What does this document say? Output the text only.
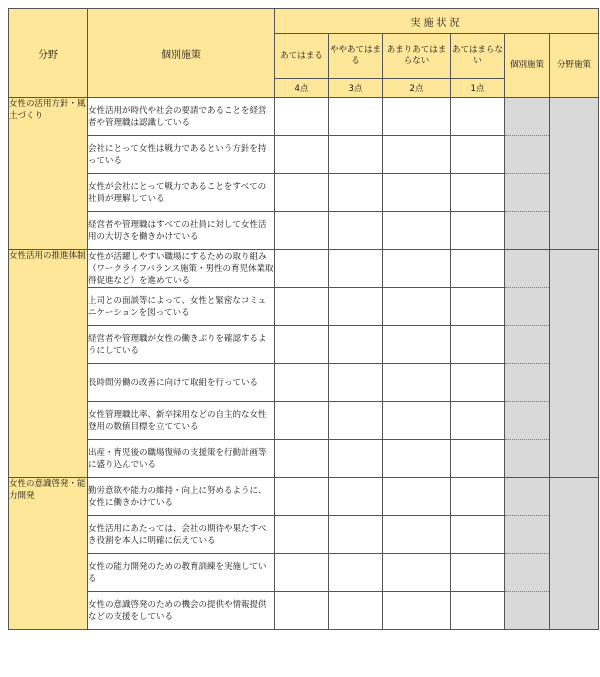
分野	個別施策	実施状況					
		あてはまる	ややあてはまる	あまりあてはまらない	あてはまらない	個別施策	分野施策
		4点	3点	2点	1点		
女性の活用方針・風土づくり	女性活用が時代や社会の要請であることを経営者や管理職は認識している						
	会社にとって女性は戦力であるという方針を持っている						
	女性が会社にとって戦力であることをすべての社員が理解している						
	経営者や管理職はすべての社員に対して女性活用の大切さを働きかけている						
女性活用の推進体制	女性が活躍しやすい職場にするための取り組み（ワークライフバランス施策・男性の育児休業取得促進など）を進めている						
	上司との面談等によって、女性と緊密なコミュニケーションを図っている						
	経営者や管理職が女性の働きぶりを確認するようにしている						
	長時間労働の改善に向けて取組を行っている						
	女性管理職比率、新卒採用などの自主的な女性登用の数値目標を立てている						
	出産・育児後の職場復帰の支援策を行動計画等に盛り込んでいる						
女性の意識啓発・能力開発	勤労意欲や能力の維持・向上に努めるように、女性に働きかけている						
	女性活用にあたっては、会社の期待や果たすべき役割を本人に明確に伝えている						
	女性の能力開発のための教育訓練を実施している						
	女性の意識啓発のための機会の提供や情報提供などの支援をしている						
